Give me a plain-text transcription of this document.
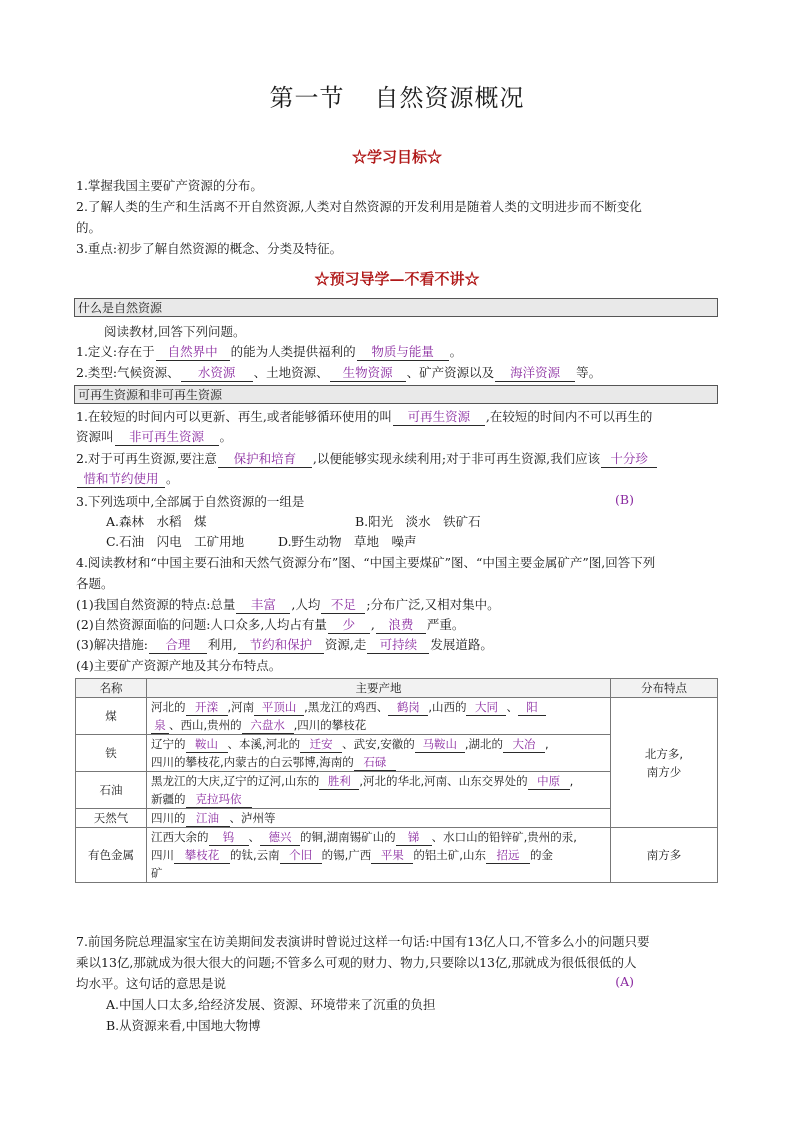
第一节 自然资源概况
☆学习目标☆
1.掌握我国主要矿产资源的分布。
2.了解人类的生产和生活离不开自然资源,人类对自然资源的开发利用是随着人类的文明进步而不断变化
的。
3.重点:初步了解自然资源的概念、分类及特征。
☆预习导学—不看不讲☆
什么是自然资源
阅读教材,回答下列问题。
1.定义:存在于 自然界中 的能为人类提供福利的 物质与能量 。
2.类型:气候资源、 水资源 、土地资源、 生物资源 、矿产资源以及 海洋资源 等。
可再生资源和非可再生资源
1.在较短的时间内可以更新、再生,或者能够循环使用的叫 可再生资源 ,在较短的时间内不可以再生的
资源叫 非可再生资源 。
2.对于可再生资源,要注意 保护和培育 ,以便能够实现永续利用;对于非可再生资源,我们应该 十分珍
惜和节约使用 。
3.下列选项中,全部属于自然资源的一组是	(B)
A.森林　水稻　煤	B.阳光　淡水　铁矿石
C.石油　闪电　工矿用地	D.野生动物　草地　噪声
4.阅读教材和“中国主要石油和天然气资源分布”图、“中国主要煤矿”图、“中国主要金属矿产”图,回答下列
各题。
(1)我国自然资源的特点:总量 丰富 ,人均 不足 ;分布广泛,又相对集中。
(2)自然资源面临的问题:人口众多,人均占有量 少 , 浪费 严重。
(3)解决措施: 合理 利用, 节约和保护 资源,走 可持续 发展道路。
(4)主要矿产资源产地及其分布特点。
名称	主要产地	分布特点
煤	河北的 开滦 ,河南 平顶山 ,黑龙江的鸡西、 鹤岗 ,山西的 大同 、 阳
泉 、西山,贵州的 六盘水 ,四川的攀枝花	北方多,
南方少
铁	辽宁的 鞍山 、本溪,河北的 迁安 、武安,安徽的 马鞍山 ,湖北的 大冶 ,
四川的攀枝花,内蒙古的白云鄂博,海南的 石碌	
石油	黑龙江的大庆,辽宁的辽河,山东的 胜利 ,河北的华北,河南、山东交界处的 中原 ,
新疆的 克拉玛依	
天然气	四川的 江油 、泸州等	
有色金属	江西大余的 钨 、 德兴 的铜,湖南锡矿山的 锑 、水口山的铅锌矿,贵州的汞,
四川 攀枝花 的钛,云南 个旧 的锡,广西 平果 的铝土矿,山东 招远 的金
矿	南方多
7.前国务院总理温家宝在访美期间发表演讲时曾说过这样一句话:中国有13亿人口,不管多么小的问题只要
乘以13亿,那就成为很大很大的问题;不管多么可观的财力、物力,只要除以13亿,那就成为很低很低的人
均水平。这句话的意思是说	(A)
A.中国人口太多,给经济发展、资源、环境带来了沉重的负担
B.从资源来看,中国地大物博
